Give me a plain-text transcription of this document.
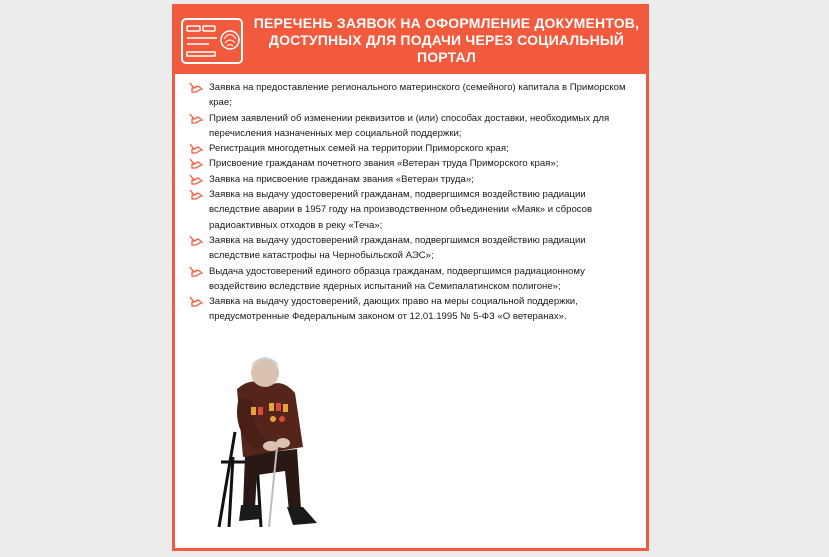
ПЕРЕЧЕНЬ ЗАЯВОК НА ОФОРМЛЕНИЕ ДОКУМЕНТОВ, ДОСТУПНЫХ ДЛЯ ПОДАЧИ ЧЕРЕЗ СОЦИАЛЬНЫЙ ПОРТАЛ
Заявка на предоставление регионального материнского (семейного) капитала в Приморском крае;
Прием заявлений об изменении реквизитов и (или) способах доставки, необходимых для перечисления назначенных мер социальной поддержки;
Регистрация многодетных семей на территории Приморского края;
Присвоение гражданам почетного звания «Ветеран труда Приморского края»;
Заявка на присвоение гражданам звания «Ветеран труда»;
Заявка на выдачу удостоверений гражданам, подвергшимся воздействию радиации вследствие аварии в 1957 году на производственном объединении «Маяк» и сбросов радиоактивных отходов в реку «Теча»;
Заявка на выдачу удостоверений гражданам, подвергшимся воздействию радиации вследствие катастрофы на Чернобыльской АЭС»;
Выдача удостоверений единого образца гражданам, подвергшимся радиационному воздействию вследствие ядерных испытаний на Семипалатинском полигоне»;
Заявка на выдачу удостоверений, дающих право на меры социальной поддержки, предусмотренные Федеральным законом от 12.01.1995 № 5-ФЗ «О ветеранах».
